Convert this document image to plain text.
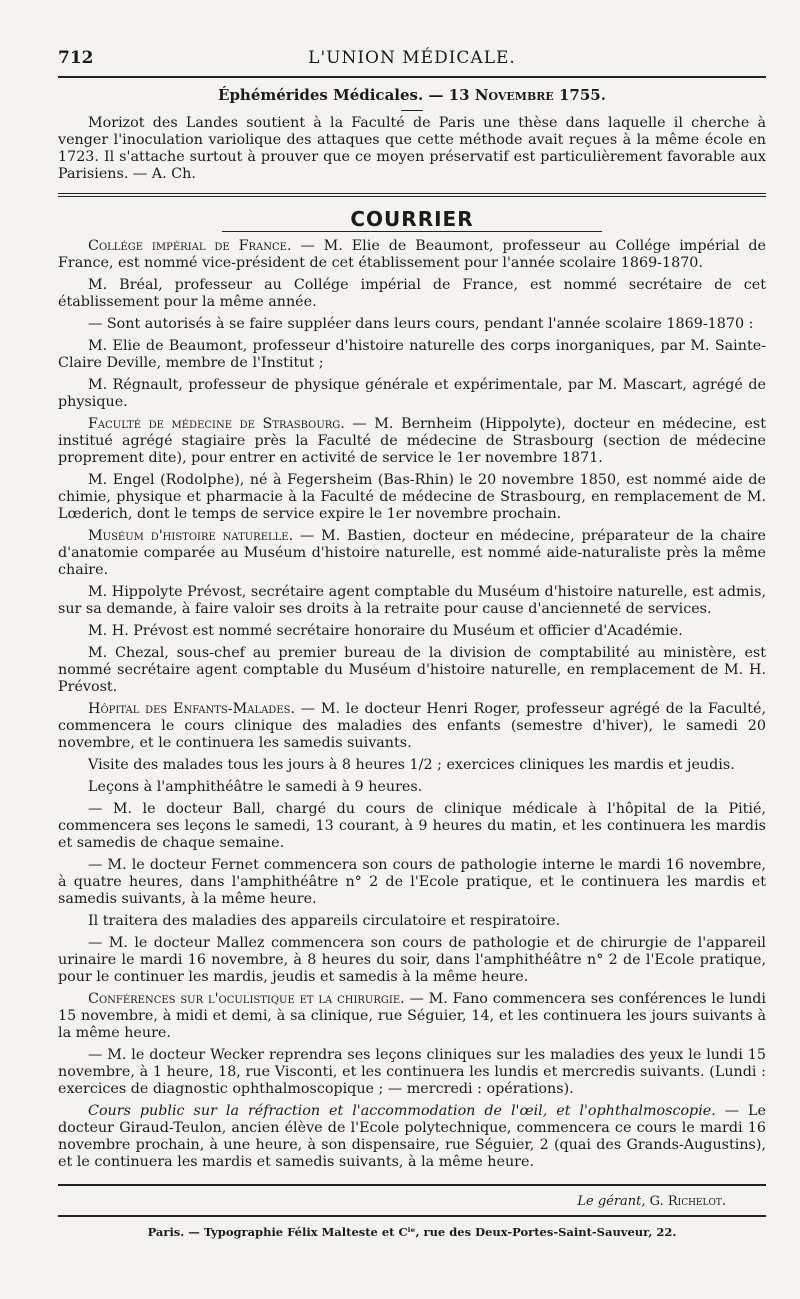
712	L'UNION MÉDICALE.
Éphémérides Médicales. — 13 Novembre 1755.

Morizot des Landes soutient à la Faculté de Paris une thèse dans laquelle il cherche à venger l'inoculation variolique des attaques que cette méthode avait reçues à la même école en 1723. Il s'attache surtout à prouver que ce moyen préservatif est particulièrement favorable aux Parisiens. — A. Ch.

COURRIER

Collége impérial de France. — M. Elie de Beaumont, professeur au Collége impérial de France, est nommé vice-président de cet établissement pour l'année scolaire 1869-1870.

M. Bréal, professeur au Collége impérial de France, est nommé secrétaire de cet établissement pour la même année.

— Sont autorisés à se faire suppléer dans leurs cours, pendant l'année scolaire 1869-1870 :

M. Elie de Beaumont, professeur d'histoire naturelle des corps inorganiques, par M. Sainte-Claire Deville, membre de l'Institut ;

M. Régnault, professeur de physique générale et expérimentale, par M. Mascart, agrégé de physique.

Faculté de médecine de Strasbourg. — M. Bernheim (Hippolyte), docteur en médecine, est institué agrégé stagiaire près la Faculté de médecine de Strasbourg (section de médecine proprement dite), pour entrer en activité de service le 1er novembre 1871.

M. Engel (Rodolphe), né à Fegersheim (Bas-Rhin) le 20 novembre 1850, est nommé aide de chimie, physique et pharmacie à la Faculté de médecine de Strasbourg, en remplacement de M. Lœderich, dont le temps de service expire le 1er novembre prochain.

Muséum d'histoire naturelle. — M. Bastien, docteur en médecine, préparateur de la chaire d'anatomie comparée au Muséum d'histoire naturelle, est nommé aide-naturaliste près la même chaire.

M. Hippolyte Prévost, secrétaire agent comptable du Muséum d'histoire naturelle, est admis, sur sa demande, à faire valoir ses droits à la retraite pour cause d'ancienneté de services.

M. H. Prévost est nommé secrétaire honoraire du Muséum et officier d'Académie.

M. Chezal, sous-chef au premier bureau de la division de comptabilité au ministère, est nommé secrétaire agent comptable du Muséum d'histoire naturelle, en remplacement de M. H. Prévost.

Hôpital des Enfants-Malades. — M. le docteur Henri Roger, professeur agrégé de la Faculté, commencera le cours clinique des maladies des enfants (semestre d'hiver), le samedi 20 novembre, et le continuera les samedis suivants.

Visite des malades tous les jours à 8 heures 1/2 ; exercices cliniques les mardis et jeudis.

Leçons à l'amphithéâtre le samedi à 9 heures.

— M. le docteur Ball, chargé du cours de clinique médicale à l'hôpital de la Pitié, commencera ses leçons le samedi, 13 courant, à 9 heures du matin, et les continuera les mardis et samedis de chaque semaine.

— M. le docteur Fernet commencera son cours de pathologie interne le mardi 16 novembre, à quatre heures, dans l'amphithéâtre n° 2 de l'Ecole pratique, et le continuera les mardis et samedis suivants, à la même heure.

Il traitera des maladies des appareils circulatoire et respiratoire.

— M. le docteur Mallez commencera son cours de pathologie et de chirurgie de l'appareil urinaire le mardi 16 novembre, à 8 heures du soir, dans l'amphithéâtre n° 2 de l'Ecole pratique, pour le continuer les mardis, jeudis et samedis à la même heure.

Conférences sur l'oculistique et la chirurgie. — M. Fano commencera ses conférences le lundi 15 novembre, à midi et demi, à sa clinique, rue Séguier, 14, et les continuera les jours suivants à la même heure.

— M. le docteur Wecker reprendra ses leçons cliniques sur les maladies des yeux le lundi 15 novembre, à 1 heure, 18, rue Visconti, et les continuera les lundis et mercredis suivants. (Lundi : exercices de diagnostic ophthalmoscopique ; — mercredi : opérations).

Cours public sur la réfraction et l'accommodation de l'œil, et l'ophthalmoscopie. — Le docteur Giraud-Teulon, ancien élève de l'Ecole polytechnique, commencera ce cours le mardi 16 novembre prochain, à une heure, à son dispensaire, rue Séguier, 2 (quai des Grands-Augustins), et le continuera les mardis et samedis suivants, à la même heure.

Le gérant, G. Richelot.
Paris. — Typographie Félix Malteste et Cⁱᵉ, rue des Deux-Portes-Saint-Sauveur, 22.
